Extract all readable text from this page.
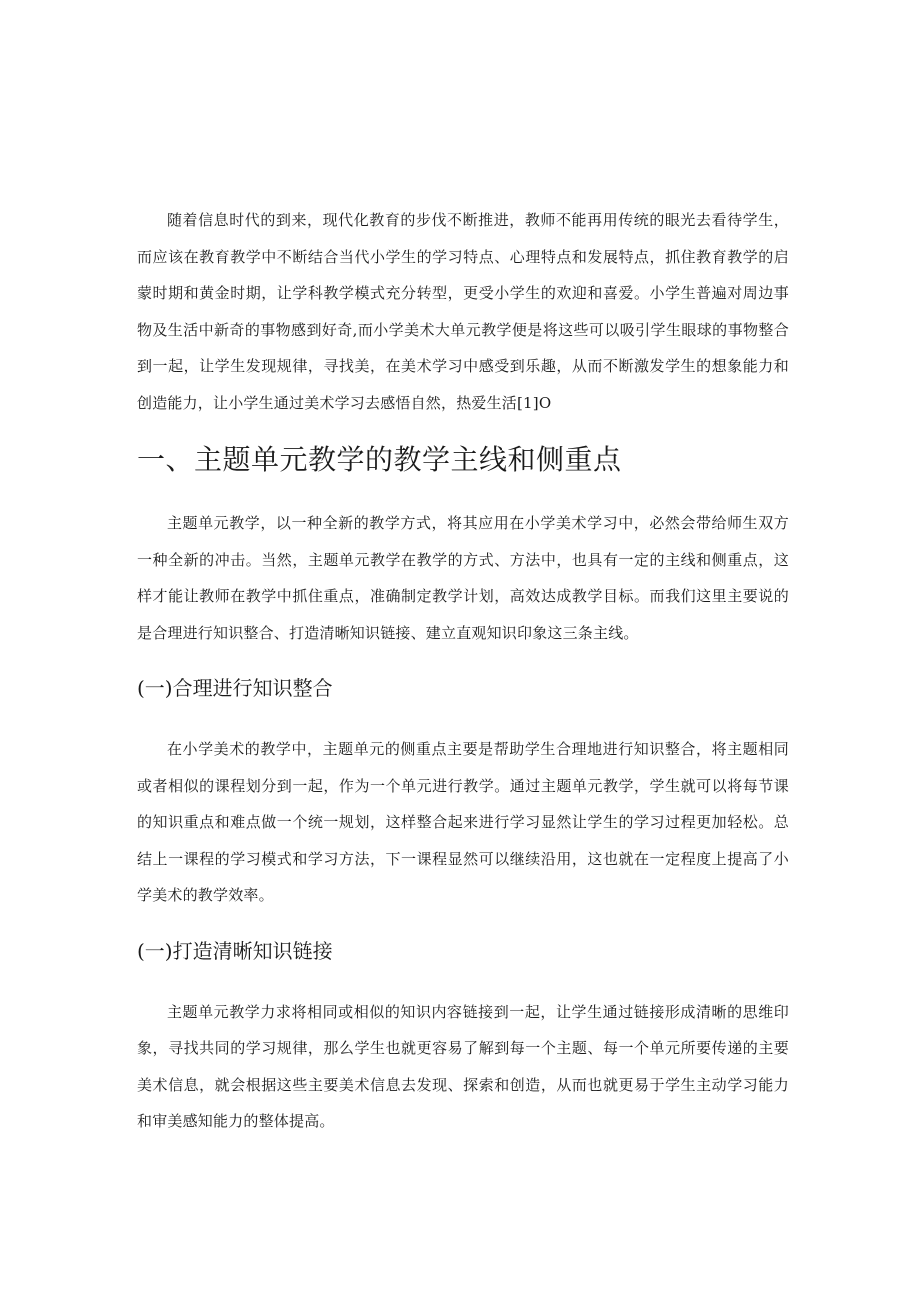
随着信息时代的到来，现代化教育的步伐不断推进，教师不能再用传统的眼光去看待学生，而应该在教育教学中不断结合当代小学生的学习特点、心理特点和发展特点，抓住教育教学的启蒙时期和黄金时期，让学科教学模式充分转型，更受小学生的欢迎和喜爱。小学生普遍对周边事物及生活中新奇的事物感到好奇,而小学美术大单元教学便是将这些可以吸引学生眼球的事物整合到一起，让学生发现规律，寻找美，在美术学习中感受到乐趣，从而不断激发学生的想象能力和创造能力，让小学生通过美术学习去感悟自然，热爱生活[1]O

一、主题单元教学的教学主线和侧重点

主题单元教学，以一种全新的教学方式，将其应用在小学美术学习中，必然会带给师生双方一种全新的冲击。当然，主题单元教学在教学的方式、方法中，也具有一定的主线和侧重点，这样才能让教师在教学中抓住重点，准确制定教学计划，高效达成教学目标。而我们这里主要说的是合理进行知识整合、打造清晰知识链接、建立直观知识印象这三条主线。

(一)合理进行知识整合

在小学美术的教学中，主题单元的侧重点主要是帮助学生合理地进行知识整合，将主题相同或者相似的课程划分到一起，作为一个单元进行教学。通过主题单元教学，学生就可以将每节课的知识重点和难点做一个统一规划，这样整合起来进行学习显然让学生的学习过程更加轻松。总结上一课程的学习模式和学习方法，下一课程显然可以继续沿用，这也就在一定程度上提高了小学美术的教学效率。

(一)打造清晰知识链接

主题单元教学力求将相同或相似的知识内容链接到一起，让学生通过链接形成清晰的思维印象，寻找共同的学习规律，那么学生也就更容易了解到每一个主题、每一个单元所要传递的主要美术信息，就会根据这些主要美术信息去发现、探索和创造，从而也就更易于学生主动学习能力和审美感知能力的整体提高。
